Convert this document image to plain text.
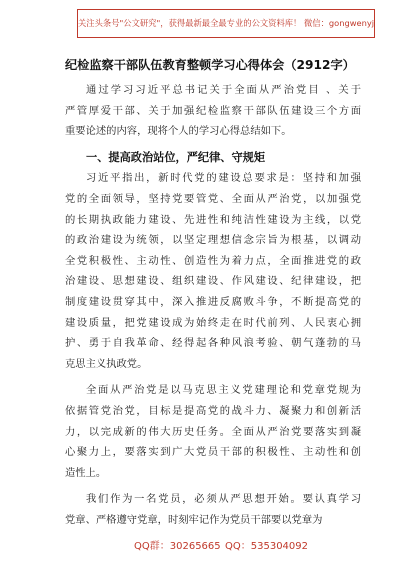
关注头条号"公文研究"，获得最新最全最专业的公文资料库！ 微信：gongwenyj
纪检监察干部队伍教育整顿学习心得体会（2912字）
通过学习习近平总书记关于全面从严治党目 、关于
严管厚爱干部、关于加强纪检监察干部队伍建设三个方面
重要论述的内容，现将个人的学习心得总结如下。
一、提高政治站位，严纪律、守规矩
习近平指出，新时代党的建设总要求是：坚持和加强
党的全面领导，坚持党要管党、全面从严治党，以加强党
的长期执政能力建设、先进性和纯洁性建设为主线，以党
的政治建设为统领，以坚定理想信念宗旨为根基，以调动
全党积极性、主动性、创造性为着力点，全面推进党的政
治建设、思想建设、组织建设、作风建设、纪律建设，把
制度建设贯穿其中，深入推进反腐败斗争，不断提高党的
建设质量，把党建设成为始终走在时代前列、人民衷心拥
护、勇于自我革命、经得起各种风浪考验、朝气蓬勃的马
克思主义执政党。
全面从严治党是以马克思主义党建理论和党章党规为
依据管党治党，目标是提高党的战斗力、凝聚力和创新活
力，以完成新的伟大历史任务。全面从严治党要落实到凝
心聚力上，要落实到广大党员干部的积极性、主动性和创
造性上。
我们作为一名党员，必须从严思想开始。要认真学习
党章、严格遵守党章，时刻牢记作为党员干部要以党章为
QQ群：30265665 QQ：535304092
